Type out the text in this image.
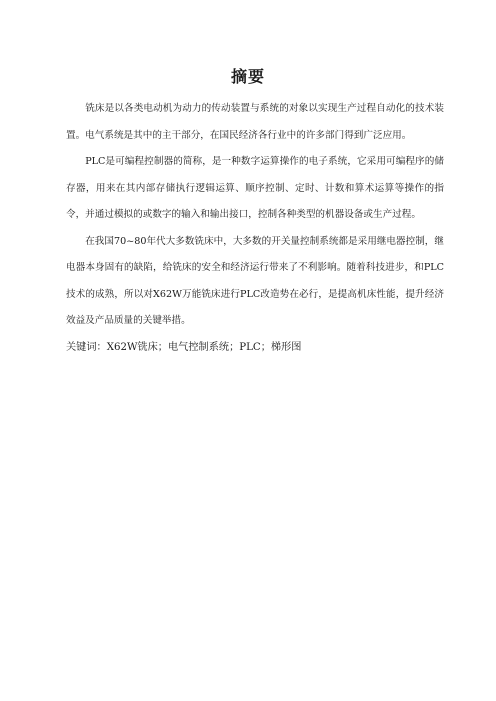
摘要

铣床是以各类电动机为动力的传动装置与系统的对象以实现生产过程自动化的技术装置。电气系统是其中的主干部分，在国民经济各行业中的许多部门得到广泛应用。

PLC是可编程控制器的简称，是一种数字运算操作的电子系统，它采用可编程序的储存器，用来在其内部存储执行逻辑运算、顺序控制、定时、计数和算术运算等操作的指令，并通过模拟的或数字的输入和输出接口，控制各种类型的机器设备或生产过程。

在我国70~80年代大多数铣床中，大多数的开关量控制系统都是采用继电器控制，继电器本身固有的缺陷，给铣床的安全和经济运行带来了不利影响。随着科技进步，和PLC技术的成熟，所以对X62W万能铣床进行PLC改造势在必行，是提高机床性能，提升经济效益及产品质量的关键举措。

关键词：X62W铣床；电气控制系统；PLC；梯形图
